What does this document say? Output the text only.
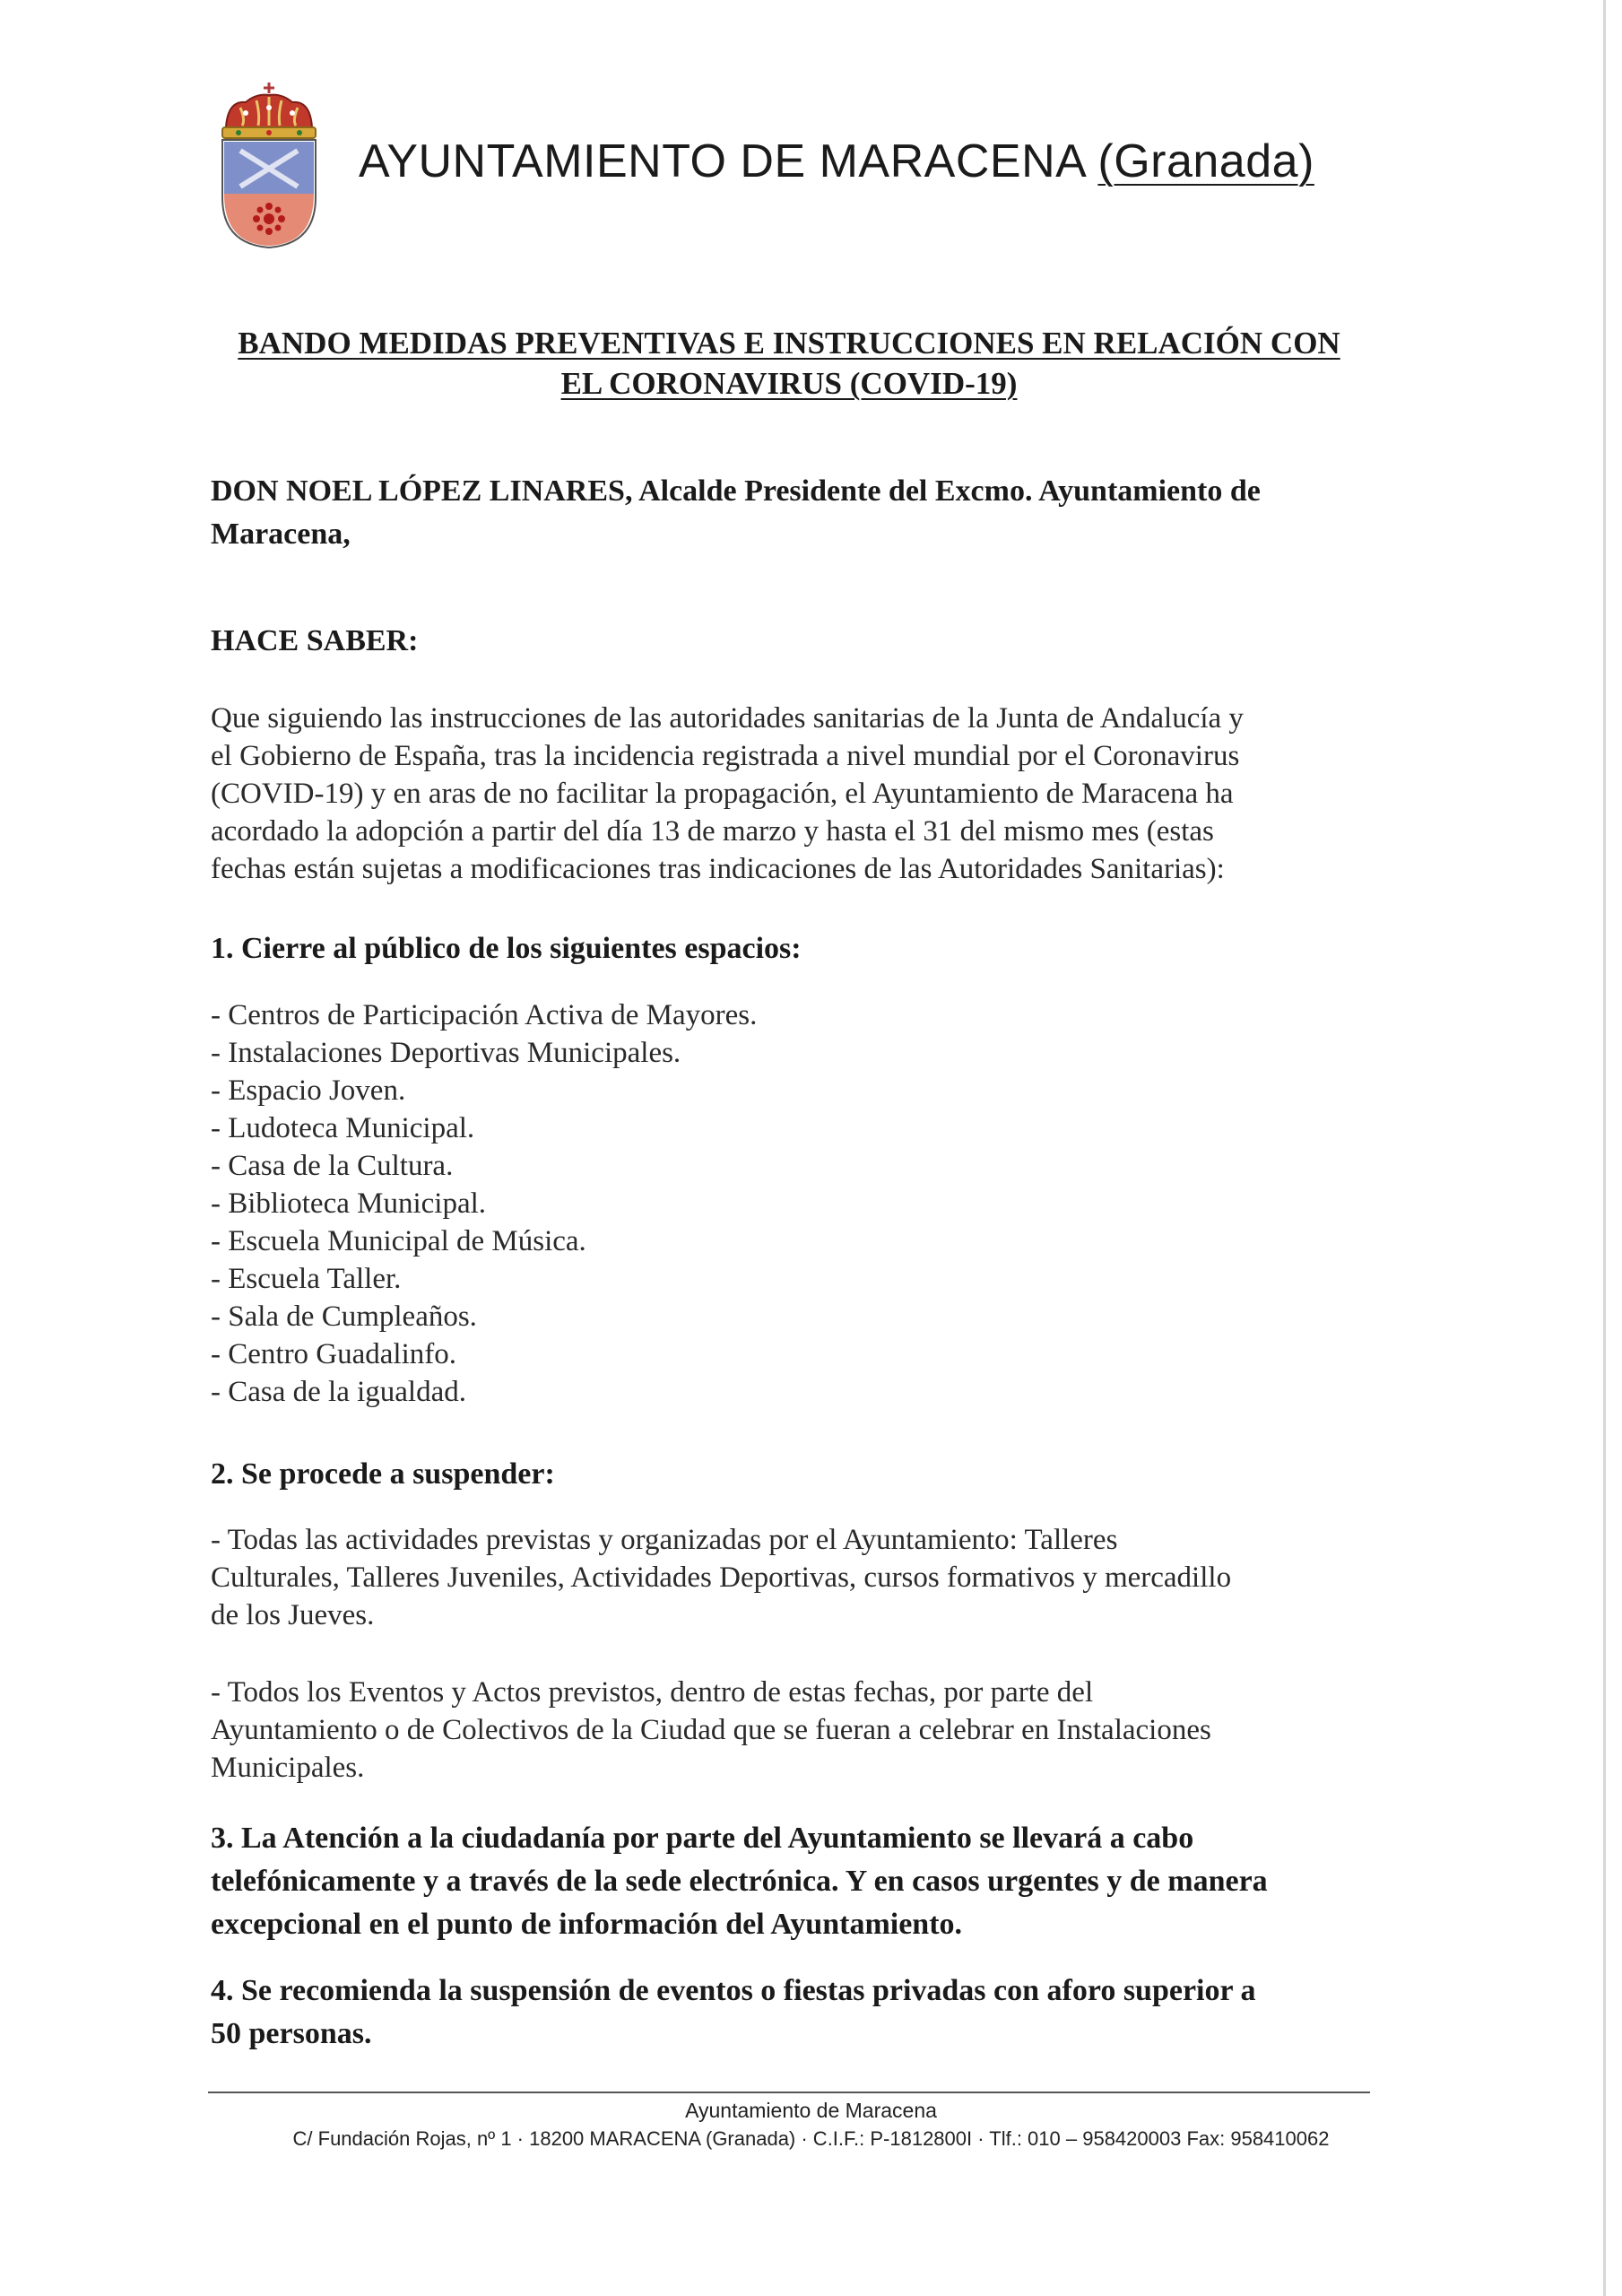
AYUNTAMIENTO DE MARACENA (Granada)
BANDO MEDIDAS PREVENTIVAS E INSTRUCCIONES EN RELACIÓN CON
EL CORONAVIRUS (COVID-19)
DON NOEL LÓPEZ LINARES, Alcalde Presidente del Excmo. Ayuntamiento de
Maracena,
HACE SABER:
Que siguiendo las instrucciones de las autoridades sanitarias de la Junta de Andalucía y
el Gobierno de España, tras la incidencia registrada a nivel mundial por el Coronavirus
(COVID-19) y en aras de no facilitar la propagación, el Ayuntamiento de Maracena ha
acordado la adopción a partir del día 13 de marzo y hasta el 31 del mismo mes (estas
fechas están sujetas a modificaciones tras indicaciones de las Autoridades Sanitarias):
1. Cierre al público de los siguientes espacios:
- Centros de Participación Activa de Mayores.
- Instalaciones Deportivas Municipales.
- Espacio Joven.
- Ludoteca Municipal.
- Casa de la Cultura.
- Biblioteca Municipal.
- Escuela Municipal de Música.
- Escuela Taller.
- Sala de Cumpleaños.
- Centro Guadalinfo.
- Casa de la igualdad.
2. Se procede a suspender:
- Todas las actividades previstas y organizadas por el Ayuntamiento: Talleres
Culturales, Talleres Juveniles, Actividades Deportivas, cursos formativos y mercadillo
de los Jueves.
- Todos los Eventos y Actos previstos, dentro de estas fechas, por parte del
Ayuntamiento o de Colectivos de la Ciudad que se fueran a celebrar en Instalaciones
Municipales.
3. La Atención a la ciudadanía por parte del Ayuntamiento se llevará a cabo
telefónicamente y a través de la sede electrónica. Y en casos urgentes y de manera
excepcional en el punto de información del Ayuntamiento.
4. Se recomienda la suspensión de eventos o fiestas privadas con aforo superior a
50 personas.
Ayuntamiento de Maracena
C/ Fundación Rojas, nº 1 · 18200 MARACENA (Granada) · C.I.F.: P-1812800I · Tlf.: 010 – 958420003 Fax: 958410062
